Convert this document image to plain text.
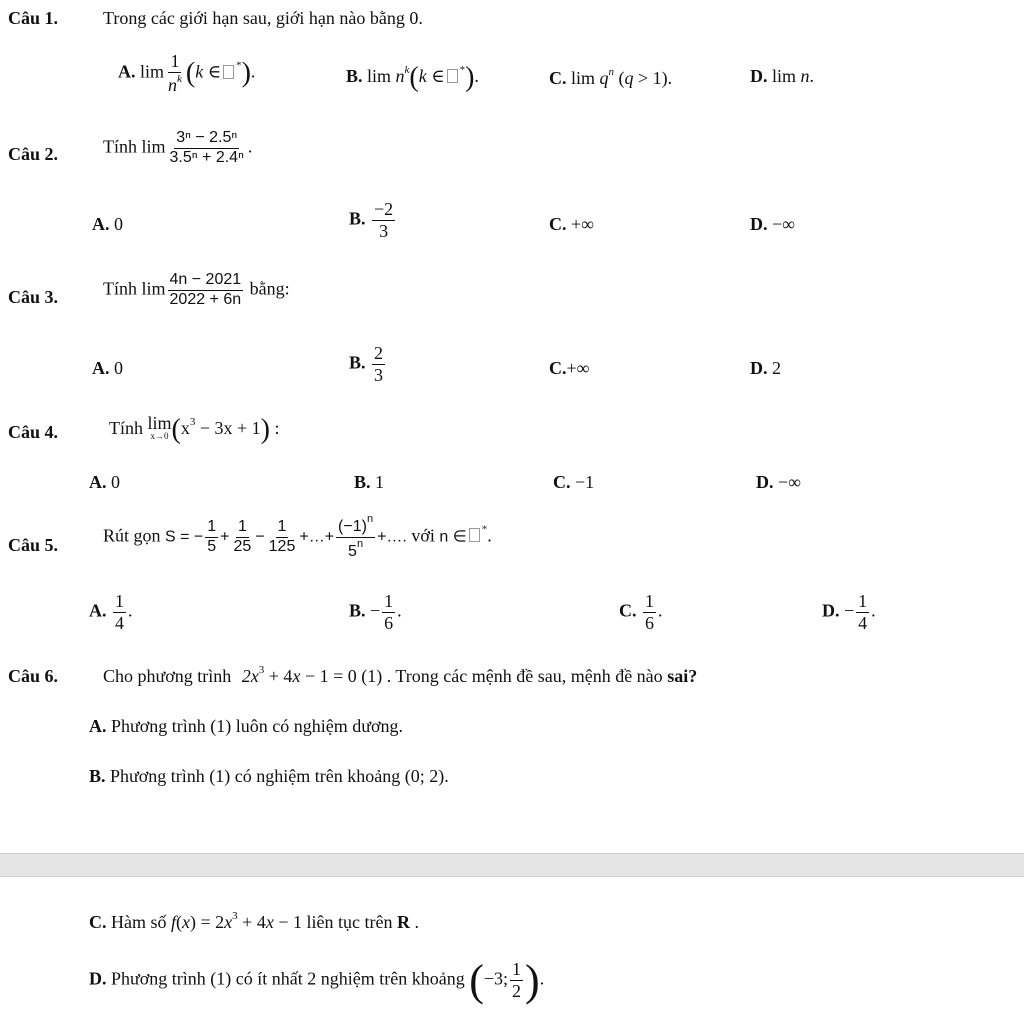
Câu 1. Trong các giới hạn sau, giới hạn nào bằng 0.
A. $\lim \frac{1}{n^k} (k$ ∈ *).	B. $\lim n^k(k$ ∈ *).	C. $\lim q^n$ (q > 1).	D. lim n.
Câu 2. Tính $\lim \frac{\text{3ⁿ − 2.5ⁿ}}{\text{3.5ⁿ + 2.4ⁿ}}$ .
A. 0	B. $\frac{-2}{3}$	C. +∞	D. −∞
Câu 3. Tính $\lim \frac{4n - 2021}{2022 + 6n}$ bằng:
A. 0	B. $\frac{2}{3}$	C.+∞	D. 2
Câu 4.	Tính lim
x→0 $(x^3 - 3x + 1)$ :
A. 0	B. 1	C. −1	D. −∞
Câu 5. Rút gọn S = − $\frac{1}{5} + \frac{1}{25} - \frac{1}{125}$ +…+ $\frac{(-1)^n}{5^n}$ +…. với n ∈ *.
A. $\frac{1}{4}$ .	B. − $\frac{1}{6}$ .	C. $\frac{1}{6}$ .	D. − $\frac{1}{4}$ .
Câu 6. Cho phương trình $2x^3 + 4x - 1 = 0$ (1) . Trong các mệnh đề sau, mệnh đề nào sai?
A. Phương trình (1) luôn có nghiệm dương.
B. Phương trình (1) có nghiệm trên khoảng (0; 2).
C. Hàm số $f(x) = 2x^3 + 4x - 1$ liên tục trên R .
D. Phương trình (1) có ít nhất 2 nghiệm trên khoảng (−3; $\frac{1}{2}$ ).
